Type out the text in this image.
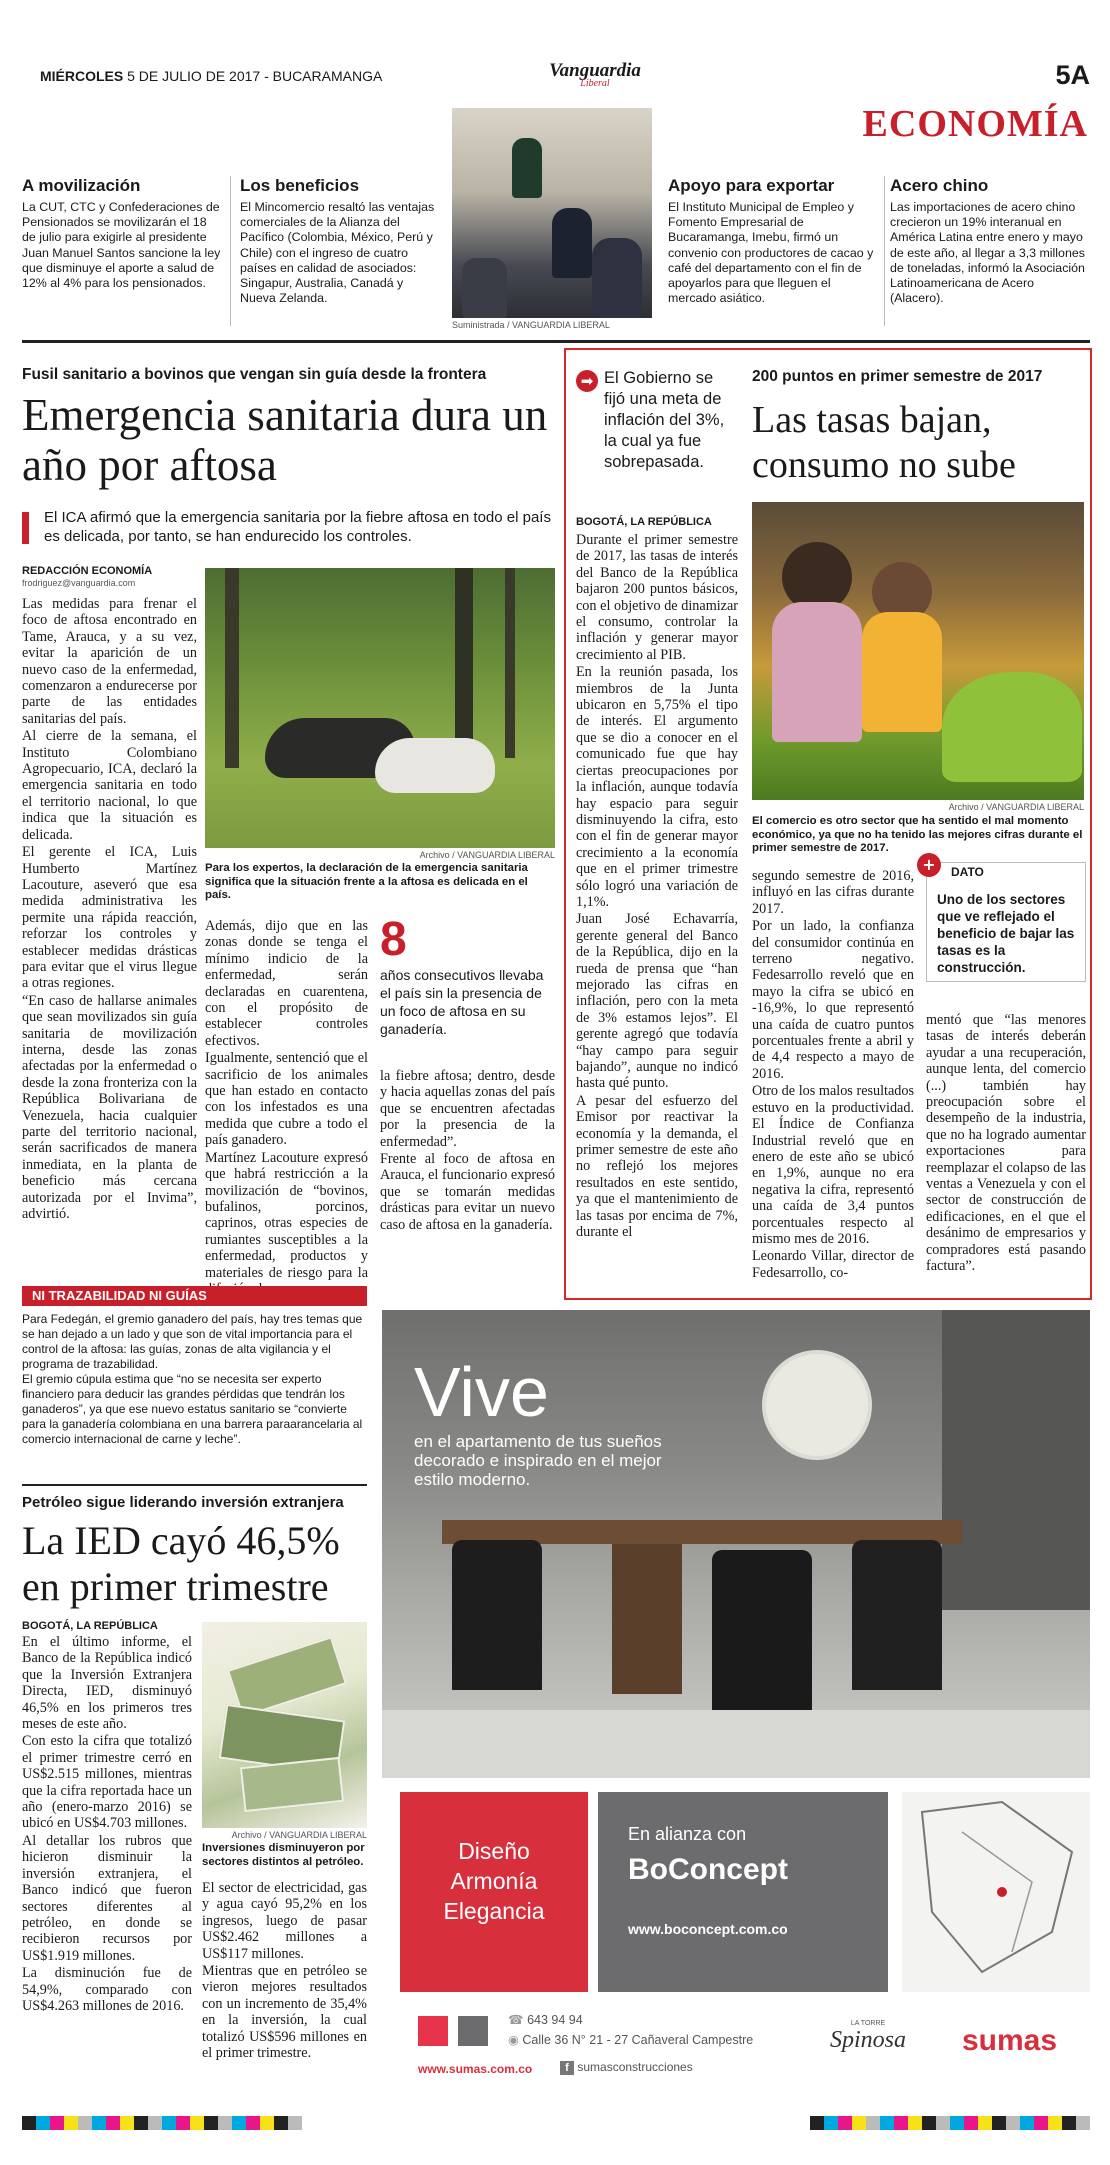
MIÉRCOLES 5 DE JULIO DE 2017 - BUCARAMANGA	Vanguardia
Liberal	5A
ECONOMÍA
A movilización

La CUT, CTC y Confederaciones de Pensionados se movilizarán el 18 de julio para exigirle al presidente Juan Manuel Santos sancione la ley que disminuye el aporte a salud de 12% al 4% para los pensionados.

Los beneficios

El Mincomercio resaltó las ventajas comerciales de la Alianza del Pacífico (Colombia, México, Perú y Chile) con el ingreso de cuatro países en calidad de asociados: Singapur, Australia, Canadá y Nueva Zelanda.

Suministrada / VANGUARDIA LIBERAL
Apoyo para exportar

El Instituto Municipal de Empleo y Fomento Empresarial de Bucaramanga, Imebu, firmó un convenio con productores de cacao y café del departamento con el fin de apoyarlos para que lleguen el mercado asiático.

Acero chino

Las importaciones de acero chino crecieron un 19% interanual en América Latina entre enero y mayo de este año, al llegar a 3,3 millones de toneladas, informó la Asociación Latinoamericana de Acero (Alacero).

Fusil sanitario a bovinos que vengan sin guía desde la frontera
Emergencia sanitaria dura un año por aftosa
El ICA afirmó que la emergencia sanitaria por la fiebre aftosa en todo el país es delicada, por tanto, se han endurecido los controles.
REDACCIÓN ECONOMÍA
frodriguez@vanguardia.com

Las medidas para frenar el foco de aftosa encontrado en Tame, Arauca, y a su vez, evitar la aparición de un nuevo caso de la enfermedad, comenzaron a endurecerse por parte de las entidades sanitarias del país.

Al cierre de la semana, el Instituto Colombiano Agropecuario, ICA, declaró la emergencia sanitaria en todo el territorio nacional, lo que indica que la situación es delicada.

El gerente el ICA, Luis Humberto Martínez Lacouture, aseveró que esa medida administrativa les permite una rápida reacción, reforzar los controles y establecer medidas drásticas para evitar que el virus llegue a otras regiones.

“En caso de hallarse animales que sean movilizados sin guía sanitaria de movilización interna, desde las zonas afectadas por la enfermedad o desde la zona fronteriza con la República Bolivariana de Venezuela, hacia cualquier parte del territorio nacional, serán sacrificados de manera inmediata, en la planta de beneficio más cercana autorizada por el Invima”, advirtió.

Archivo / VANGUARDIA LIBERAL
Para los expertos, la declaración de la emergencia sanitaria significa que la situación frente a la aftosa es delicada en el país.

Además, dijo que en las zonas donde se tenga el mínimo indicio de la enfermedad, serán declaradas en cuarentena, con el propósito de establecer controles efectivos.

Igualmente, sentenció que el sacrificio de los animales que han estado en contacto con los infestados es una medida que cubre a todo el país ganadero.

Martínez Lacouture expresó que habrá restricción a la movilización de “bovinos, bufalinos, porcinos, caprinos, otras especies de rumiantes susceptibles a la enfermedad, productos y materiales de riesgo para la

8
años consecutivos llevaba el país sin la presencia de un foco de aftosa en su ganadería.

la fiebre aftosa; dentro, desde y hacia aquellas zonas del país que se encuentren afectadas por la presencia de la enfermedad”.

Frente al foco de aftosa en Arauca, el funcionario expresó que se tomarán medidas drásticas para evitar un nuevo caso de aftosa en la ganadería.

NI TRAZABILIDAD NI GUÍAS

Para Fedegán, el gremio ganadero del país, hay tres temas que se han dejado a un lado y que son de vital importancia para el control de la aftosa: las guías, zonas de alta vigilancia y el programa de trazabilidad.

El gremio cúpula estima que “no se necesita ser experto financiero para deducir las grandes pérdidas que tendrán los ganaderos”, ya que ese nuevo estatus sanitario se “convierte para la ganadería colombiana en una barrera paraarancelaria al comercio internacional de carne y leche”.

➡ El Gobierno se fijó una meta de inflación del 3%, la cual ya fue sobrepasada.
200 puntos en primer semestre de 2017
Las tasas bajan, consumo no sube
BOGOTÁ, LA REPÚBLICA

Durante el primer semestre de 2017, las tasas de interés del Banco de la República bajaron 200 puntos básicos, con el objetivo de dinamizar el consumo, controlar la inflación y generar mayor crecimiento al PIB.

En la reunión pasada, los miembros de la Junta ubicaron en 5,75% el tipo de interés. El argumento que se dio a conocer en el comunicado fue que hay ciertas preocupaciones por la inflación, aunque todavía hay espacio para seguir disminuyendo la cifra, esto con el fin de generar mayor crecimiento a la economía que en el primer trimestre sólo logró una variación de 1,1%.

Juan José Echavarría, gerente general del Banco de la República, dijo en la rueda de prensa que “han mejorado las cifras en inflación, pero con la meta de 3% estamos lejos”. El gerente agregó que todavía “hay campo para seguir bajando”, aunque no indicó hasta qué punto.

A pesar del esfuerzo del Emisor por reactivar la economía y la demanda, el primer semestre de este año no reflejó los mejores resultados en este sentido, ya que el mantenimiento de las tasas por encima de 7%, durante el

Archivo / VANGUARDIA LIBERAL
El comercio es otro sector que ha sentido el mal momento económico, ya que no ha tenido las mejores cifras durante el primer semestre de 2017.

segundo semestre de 2016, influyó en las cifras durante 2017.

Por un lado, la confianza del consumidor continúa en terreno negativo. Fedesarrollo reveló que en mayo la cifra se ubicó en -16,9%, lo que representó una caída de cuatro puntos porcentuales frente a abril y de 4,4 respecto a mayo de 2016.

Otro de los malos resultados estuvo en la productividad. El Índice de Confianza Industrial reveló que en enero de este año se ubicó en 1,9%, aunque no era negativa la cifra, representó una caída de 3,4 puntos porcentuales respecto al mismo mes de 2016.

Leonardo Villar, director de Fedesarrollo, co-

+	DATO
Uno de los sectores que ve reflejado el beneficio de bajar las tasas es la construcción.

mentó que “las menores tasas de interés deberán ayudar a una recuperación, aunque lenta, del comercio (...) también hay preocupación sobre el desempeño de la industria, que no ha logrado aumentar exportaciones para reemplazar el colapso de las ventas a Venezuela y con el sector de construcción de edificaciones, en el que el desánimo de empresarios y compradores está pasando factura”.

Petróleo sigue liderando inversión extranjera
La IED cayó 46,5% en primer trimestre
BOGOTÁ, LA REPÚBLICA

En el último informe, el Banco de la República indicó que la Inversión Extranjera Directa, IED, disminuyó 46,5% en los primeros tres meses de este año.

Con esto la cifra que totalizó el primer trimestre cerró en US$2.515 millones, mientras que la cifra reportada hace un año (enero-marzo 2016) se ubicó en US$4.703 millones.

Al detallar los rubros que hicieron disminuir la inversión extranjera, el Banco indicó que fueron sectores diferentes al petróleo, en donde se recibieron recursos por US$1.919 millones.

La disminución fue de 54,9%, comparado con US$4.263 millones de 2016.

Archivo / VANGUARDIA LIBERAL
Inversiones disminuyeron por sectores distintos al petróleo.

El sector de electricidad, gas y agua cayó 95,2% en los ingresos, luego de pasar US$2.462 millones a US$117 millones.

Mientras que en petróleo se vieron mejores resultados con un incremento de 35,4% en la inversión, la cual totalizó US$596 millones en el primer trimestre.

Vive
en el apartamento de tus sueños decorado e inspirado en el mejor estilo moderno.
Diseño
Armonía
Elegancia
En alianza con
BoConcept
www.boconcept.com.co
☎ 643 94 94
◉ Calle 36 N° 21 - 27 Cañaveral Campestre
www.sumas.com.co	f sumasconstrucciones
LA TORRE
Spinosa sumas
